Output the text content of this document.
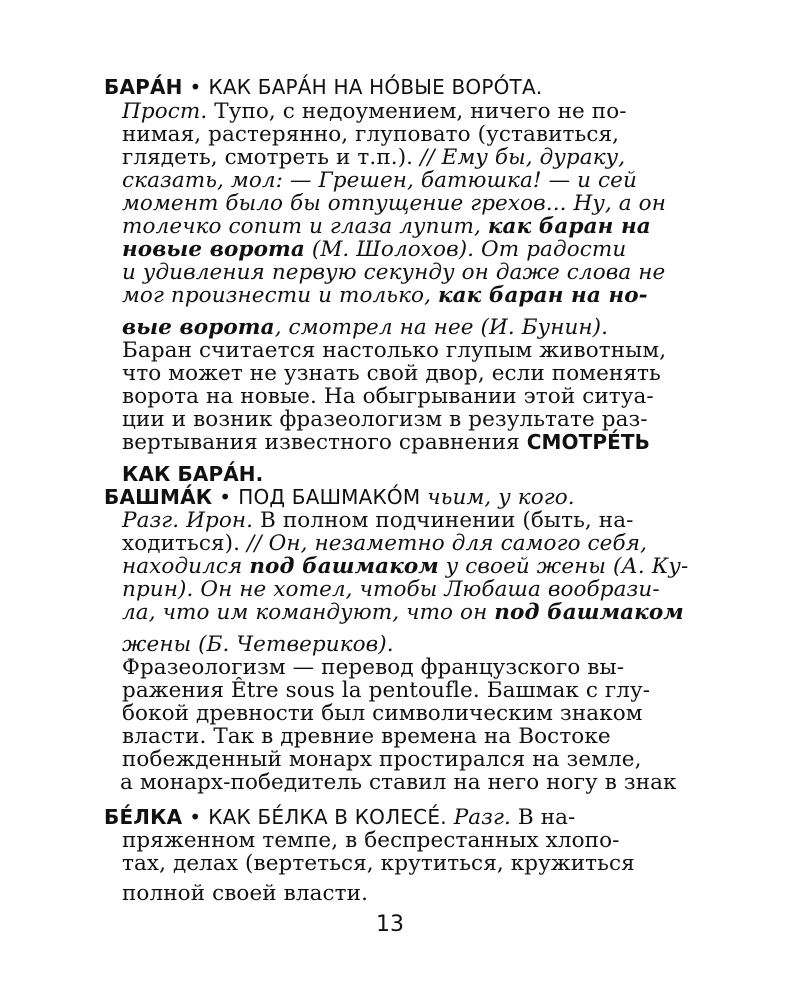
БАРА́Н • КАК БАРА́Н НА НО́ВЫЕ ВОРО́ТА.
Прост. Тупо, с недоумением, ничего не по-
нимая, растерянно, глуповато (уставиться,
глядеть, смотреть и т.п.). // Ему бы, дураку,
сказать, мол: — Грешен, батюшка! — и сей
момент было бы отпущение грехов... Ну, а он
толечко сопит и глаза лупит, как баран на
новые ворота (М. Шолохов). От радости
и удивления первую секунду он даже слова не
мог произнести и только, как баран на но-
вые ворота, смотрел на нее (И. Бунин).
Баран считается настолько глупым животным,
что может не узнать свой двор, если поменять
ворота на новые. На обыгрывании этой ситуа-
ции и возник фразеологизм в результате раз-
вертывания известного сравнения СМОТРЕ́ТЬ
КАК БАРА́Н.
БАШМА́К • ПОД БАШМАКО́М чьим, у кого.
Разг. Ирон. В полном подчинении (быть, на-
ходиться). // Он, незаметно для самого себя,
находился под башмаком у своей жены (А. Ку-
прин). Он не хотел, чтобы Любаша вообрази-
ла, что им командуют, что он под башмаком
жены (Б. Четвериков).
Фразеологизм — перевод французского вы-
ражения Être sous la pentoufle. Башмак с глу-
бокой древности был символическим знаком
власти. Так в древние времена на Востоке
побежденный монарх простирался на земле,
а монарх-победитель ставил на него ногу в знак
полной своей власти.
БЕ́ЛКА • КАК БЕ́ЛКА В КОЛЕСЕ́. Разг. В на-
пряженном темпе, в беспрестанных хлопо-
тах, делах (вертеться, крутиться, кружиться
13
